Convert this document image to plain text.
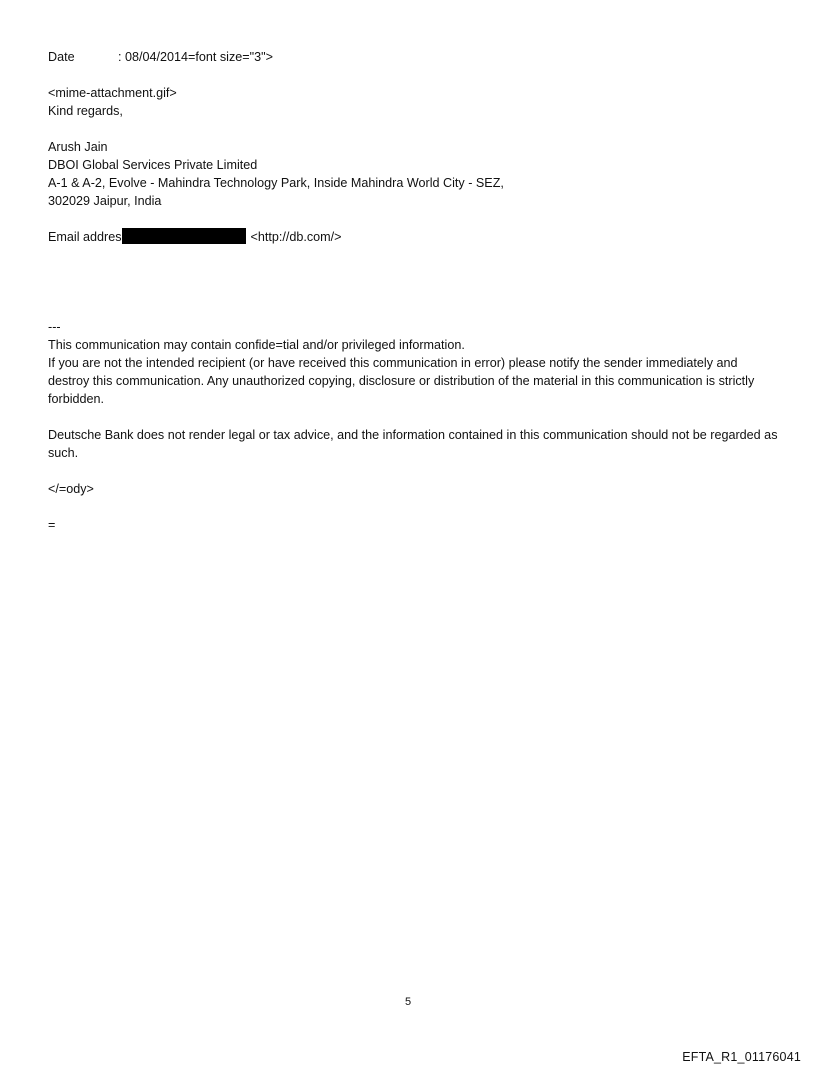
Date	: 08/04/2014=font size="3">
<mime-attachment.gif>
Kind regards,
Arush Jain
DBOI Global Services Private Limited
A-1 & A-2, Evolve - Mahindra Technology Park, Inside Mahindra World City - SEZ,
302029 Jaipur, India
Email addres	<http://db.com/>
---
This communication may contain confide=tial and/or privileged information.
If you are not the intended recipient (or have received this communication in error) please notify the sender immediately and destroy this communication. Any unauthorized copying, disclosure or distribution of the material in this communication is strictly forbidden.
Deutsche Bank does not render legal or tax advice, and the information contained in this communication should not be regarded as such.
</=ody>
=
5
EFTA_R1_01176041
